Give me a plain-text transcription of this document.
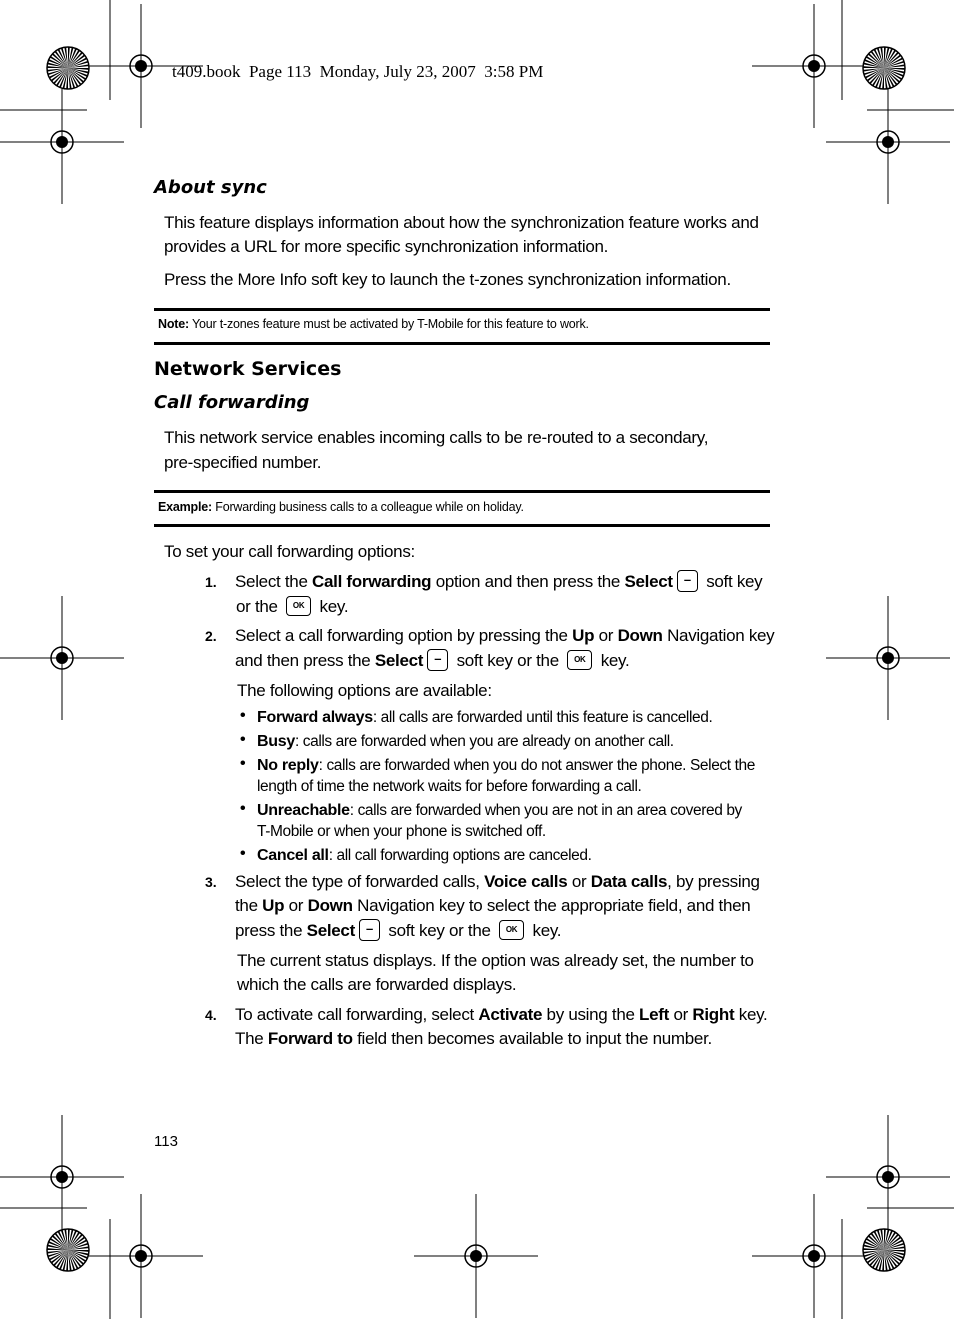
t409.book  Page 113  Monday, July 23, 2007  3:58 PM
About sync
This feature displays information about how the synchronization feature works and
provides a URL for more specific synchronization information.
Press the More Info soft key to launch the t-zones synchronization information.
Note: Your t-zones feature must be activated by T-Mobile for this feature to work.
Network Services
Call forwarding
This network service enables incoming calls to be re-routed to a secondary,
pre-specified number.
Example: Forwarding business calls to a colleague while on holiday.
To set your call forwarding options:
1. Select the Call forwarding option and then press the Select – soft key
or the OK key.
2. Select a call forwarding option by pressing the Up or Down Navigation key
and then press the Select – soft key or the OK key.
The following options are available:
• Forward always: all calls are forwarded until this feature is cancelled.
• Busy: calls are forwarded when you are already on another call.
• No reply: calls are forwarded when you do not answer the phone. Select the
length of time the network waits for before forwarding a call.
• Unreachable: calls are forwarded when you are not in an area covered by
T-Mobile or when your phone is switched off.
• Cancel all: all call forwarding options are canceled.
3. Select the type of forwarded calls, Voice calls or Data calls, by pressing
the Up or Down Navigation key to select the appropriate field, and then
press the Select – soft key or the OK key.
The current status displays. If the option was already set, the number to
which the calls are forwarded displays.
4. To activate call forwarding, select Activate by using the Left or Right key.
The Forward to field then becomes available to input the number.
113
